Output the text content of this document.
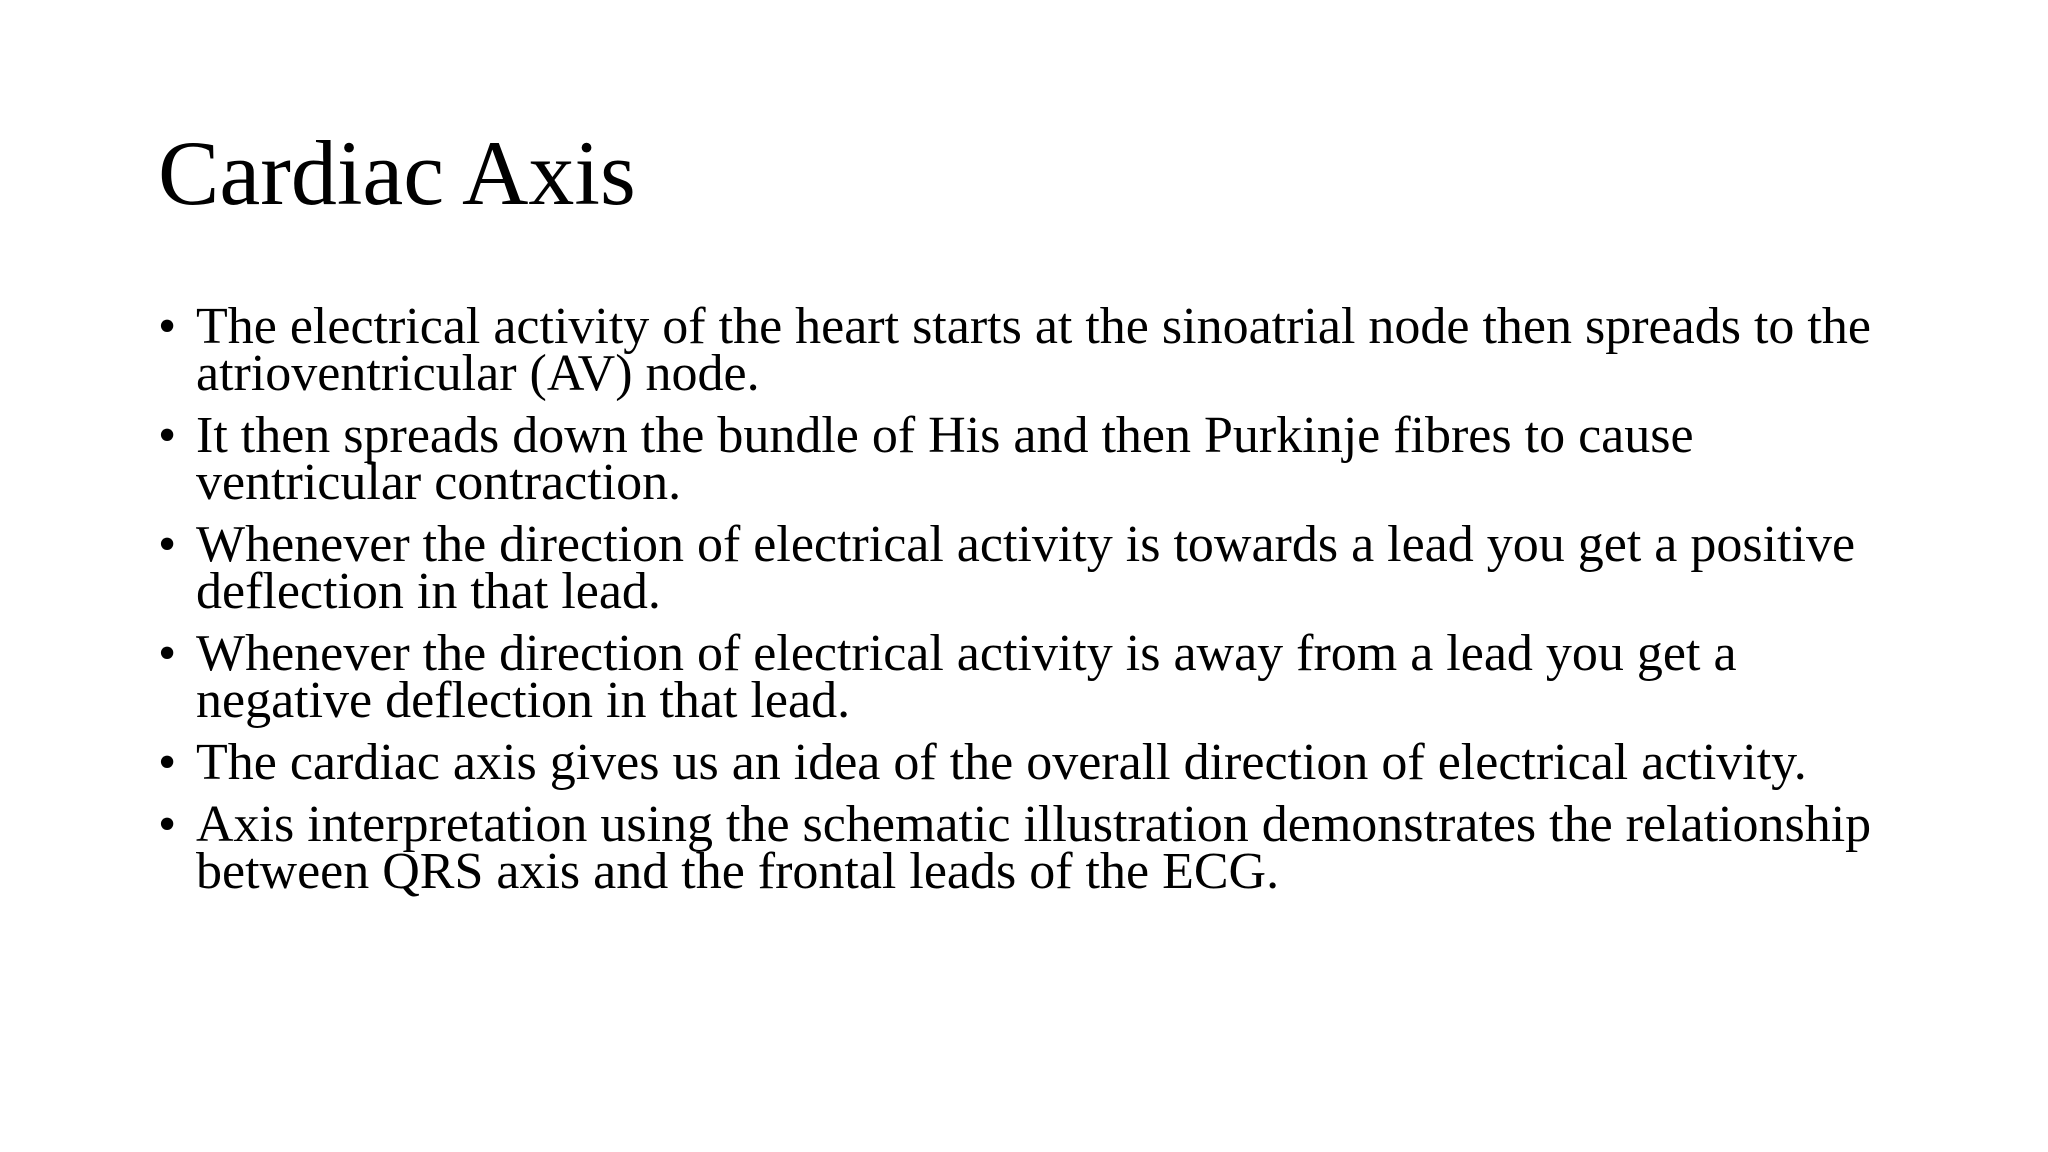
Cardiac Axis
• The electrical activity of the heart starts at the sinoatrial node then spreads to the atrioventricular (AV) node.
• It then spreads down the bundle of His and then Purkinje fibres to cause ventricular contraction.
• Whenever the direction of electrical activity is towards a lead you get a positive deflection in that lead.
• Whenever the direction of electrical activity is away from a lead you get a negative deflection in that lead.
• The cardiac axis gives us an idea of the overall direction of electrical activity.
• Axis interpretation using the schematic illustration demonstrates the relationship between QRS axis and the frontal leads of the ECG.
